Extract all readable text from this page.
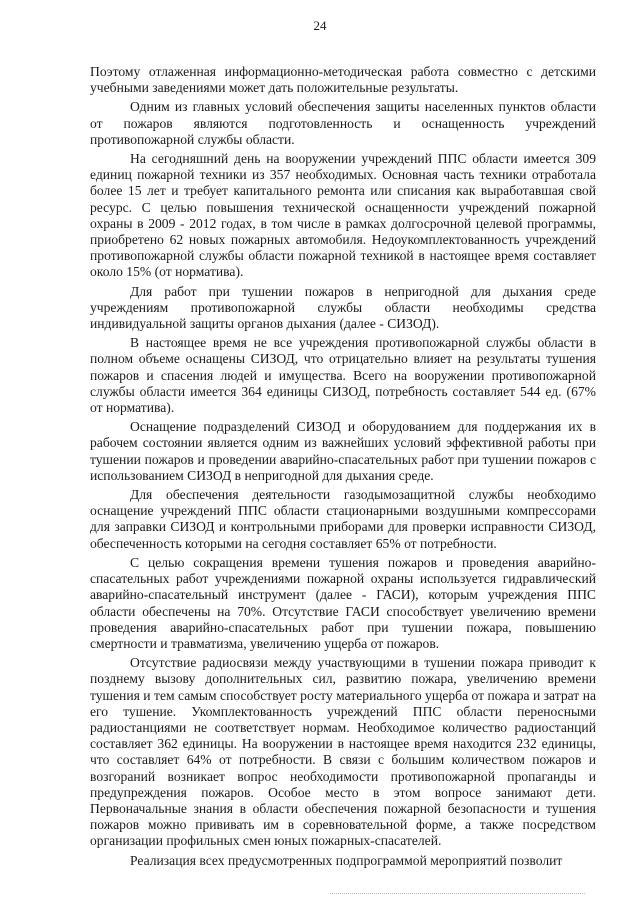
24

Поэтому отлаженная информационно-методическая работа совместно с детскими учебными заведениями может дать положительные результаты.

Одним из главных условий обеспечения защиты населенных пунктов области от пожаров являются подготовленность и оснащенность учреждений противопожарной службы области.

На сегодняшний день на вооружении учреждений ППС области имеется 309 единиц пожарной техники из 357 необходимых. Основная часть техники отработала более 15 лет и требует капитального ремонта или списания как выработавшая свой ресурс. С целью повышения технической оснащенности учреждений пожарной охраны в 2009 - 2012 годах, в том числе в рамках долгосрочной целевой программы, приобретено 62 новых пожарных автомобиля. Недоукомплектованность учреждений противопожарной службы области пожарной техникой в настоящее время составляет около 15% (от норматива).

Для работ при тушении пожаров в непригодной для дыхания среде учреждениям противопожарной службы области необходимы средства индивидуальной защиты органов дыхания (далее - СИЗОД).

В настоящее время не все учреждения противопожарной службы области в полном объеме оснащены СИЗОД, что отрицательно влияет на результаты тушения пожаров и спасения людей и имущества. Всего на вооружении противопожарной службы области имеется 364 единицы СИЗОД, потребность составляет 544 ед. (67% от норматива).

Оснащение подразделений СИЗОД и оборудованием для поддержания их в рабочем состоянии является одним из важнейших условий эффективной работы при тушении пожаров и проведении аварийно-спасательных работ при тушении пожаров с использованием СИЗОД в непригодной для дыхания среде.

Для обеспечения деятельности газодымозащитной службы необходимо оснащение учреждений ППС области стационарными воздушными компрессорами для заправки СИЗОД и контрольными приборами для проверки исправности СИЗОД, обеспеченность которыми на сегодня составляет 65% от потребности.

С целью сокращения времени тушения пожаров и проведения аварийно-спасательных работ учреждениями пожарной охраны используется гидравлический аварийно-спасательный инструмент (далее - ГАСИ), которым учреждения ППС области обеспечены на 70%. Отсутствие ГАСИ способствует увеличению времени проведения аварийно-спасательных работ при тушении пожара, повышению смертности и травматизма, увеличению ущерба от пожаров.

Отсутствие радиосвязи между участвующими в тушении пожара приводит к позднему вызову дополнительных сил, развитию пожара, увеличению времени тушения и тем самым способствует росту материального ущерба от пожара и затрат на его тушение. Укомплектованность учреждений ППС области переносными радиостанциями не соответствует нормам. Необходимое количество радиостанций составляет 362 единицы. На вооружении в настоящее время находится 232 единицы, что составляет 64% от потребности. В связи с большим количеством пожаров и возгораний возникает вопрос необходимости противопожарной пропаганды и предупреждения пожаров. Особое место в этом вопросе занимают дети. Первоначальные знания в области обеспечения пожарной безопасности и тушения пожаров можно прививать им в соревновательной форме, а также посредством организации профильных смен юных пожарных-спасателей.

Реализация всех предусмотренных подпрограммой мероприятий позволит
